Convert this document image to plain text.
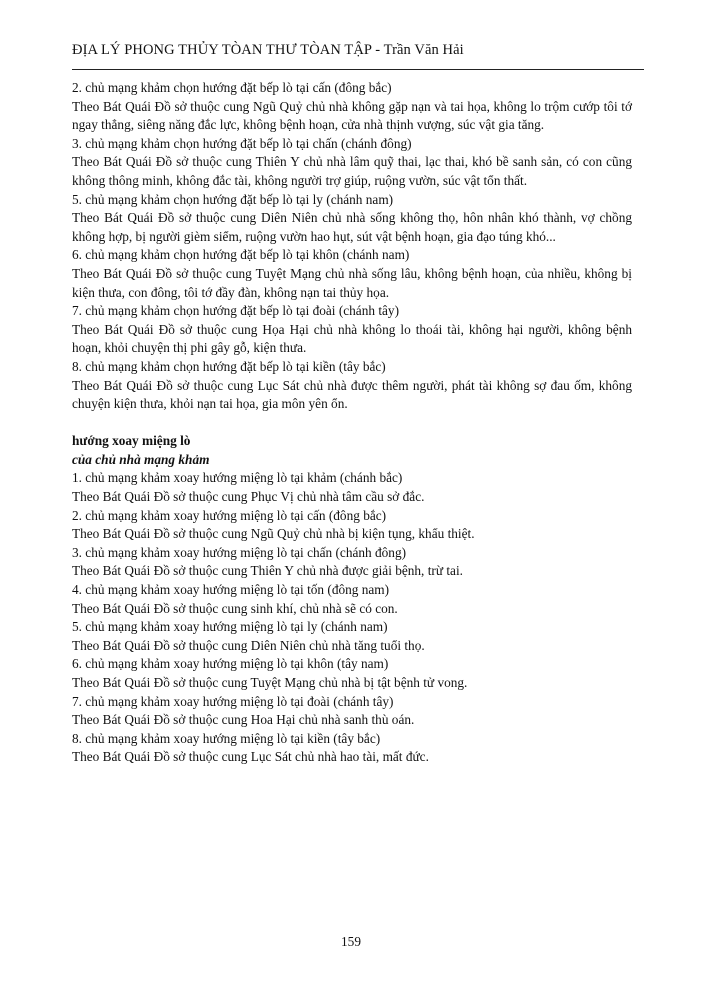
ĐỊA LÝ PHONG THỦY TÒAN THƯ TÒAN TẬP - Trần Văn Hải

2. chủ mạng khảm chọn hướng đặt bếp lò tại cấn (đông bắc)

Theo Bát Quái Đồ sở thuộc cung Ngũ Quỷ chủ nhà không gặp nạn và tai họa, không lo trộm cướp tôi tớ ngay thẳng, siêng năng đắc lực, không bệnh hoạn, cửa nhà thịnh vượng, súc vật gia tăng.

3. chủ mạng khảm chọn hướng đặt bếp lò tại chấn (chánh đông)

Theo Bát Quái Đồ sở thuộc cung Thiên Y chủ nhà lâm quỹ thai, lạc thai, khó bề sanh sản, có con cũng không thông minh, không đắc tài, không người trợ giúp, ruộng vườn, súc vật tổn thất.

5. chủ mạng khảm chọn hướng đặt bếp lò tại ly (chánh nam)

Theo Bát Quái Đồ sở thuộc cung Diên Niên chủ nhà sống không thọ, hôn nhân khó thành, vợ chồng không hợp, bị người gièm siểm, ruộng vườn hao hụt, sút vật bệnh hoạn, gia đạo túng khó...

6. chủ mạng khảm chọn hướng đặt bếp lò tại khôn (chánh nam)

Theo Bát Quái Đồ sở thuộc cung Tuyệt Mạng chủ nhà sống lâu, không bệnh hoạn, của nhiều, không bị kiện thưa, con đông, tôi tớ đầy đàn, không nạn tai thủy họa.

7. chủ mạng khảm chọn hướng đặt bếp lò tại đoài (chánh tây)

Theo Bát Quái Đồ sở thuộc cung Họa Hại chủ nhà không lo thoái tài, không hại người, không bệnh hoạn, khỏi chuyện thị phi gây gỗ, kiện thưa.

8. chủ mạng khảm chọn hướng đặt bếp lò tại kiền (tây bắc)

Theo Bát Quái Đồ sở thuộc cung Lục Sát chủ nhà được thêm người, phát tài không sợ đau ốm, không chuyện kiện thưa, khỏi nạn tai họa, gia môn yên ổn.

hướng xoay miệng lò

của chủ nhà mạng khảm

1. chủ mạng khảm xoay hướng miệng lò tại khảm (chánh bắc)

Theo Bát Quái Đồ sở thuộc cung Phục Vị chủ nhà tâm cầu sở đắc.

2. chủ mạng khảm xoay hướng miệng lò tại cấn (đông bắc)

Theo Bát Quái Đồ sở thuộc cung Ngũ Quỷ chủ nhà bị kiện tụng, khẩu thiệt.

3. chủ mạng khảm xoay hướng miệng lò tại chấn (chánh đông)

Theo Bát Quái Đồ sở thuộc cung Thiên Y chủ nhà được giải bệnh, trừ tai.

4. chủ mạng khảm xoay hướng miệng lò tại tốn (đông nam)

Theo Bát Quái Đồ sở thuộc cung sinh khí, chủ nhà sẽ có con.

5. chủ mạng khảm xoay hướng miệng lò tại ly (chánh nam)

Theo Bát Quái Đồ sở thuộc cung Diên Niên chủ nhà tăng tuổi thọ.

6. chủ mạng khảm xoay hướng miệng lò tại khôn (tây nam)

Theo Bát Quái Đồ sở thuộc cung Tuyệt Mạng chủ nhà bị tật bệnh tử vong.

7. chủ mạng khảm xoay hướng miệng lò tại đoài (chánh tây)

Theo Bát Quái Đồ sở thuộc cung Hoa Hại chủ nhà sanh thù oán.

8. chủ mạng khảm xoay hướng miệng lò tại kiền (tây bắc)

Theo Bát Quái Đồ sở thuộc cung Lục Sát chủ nhà hao tài, mất đức.

159
